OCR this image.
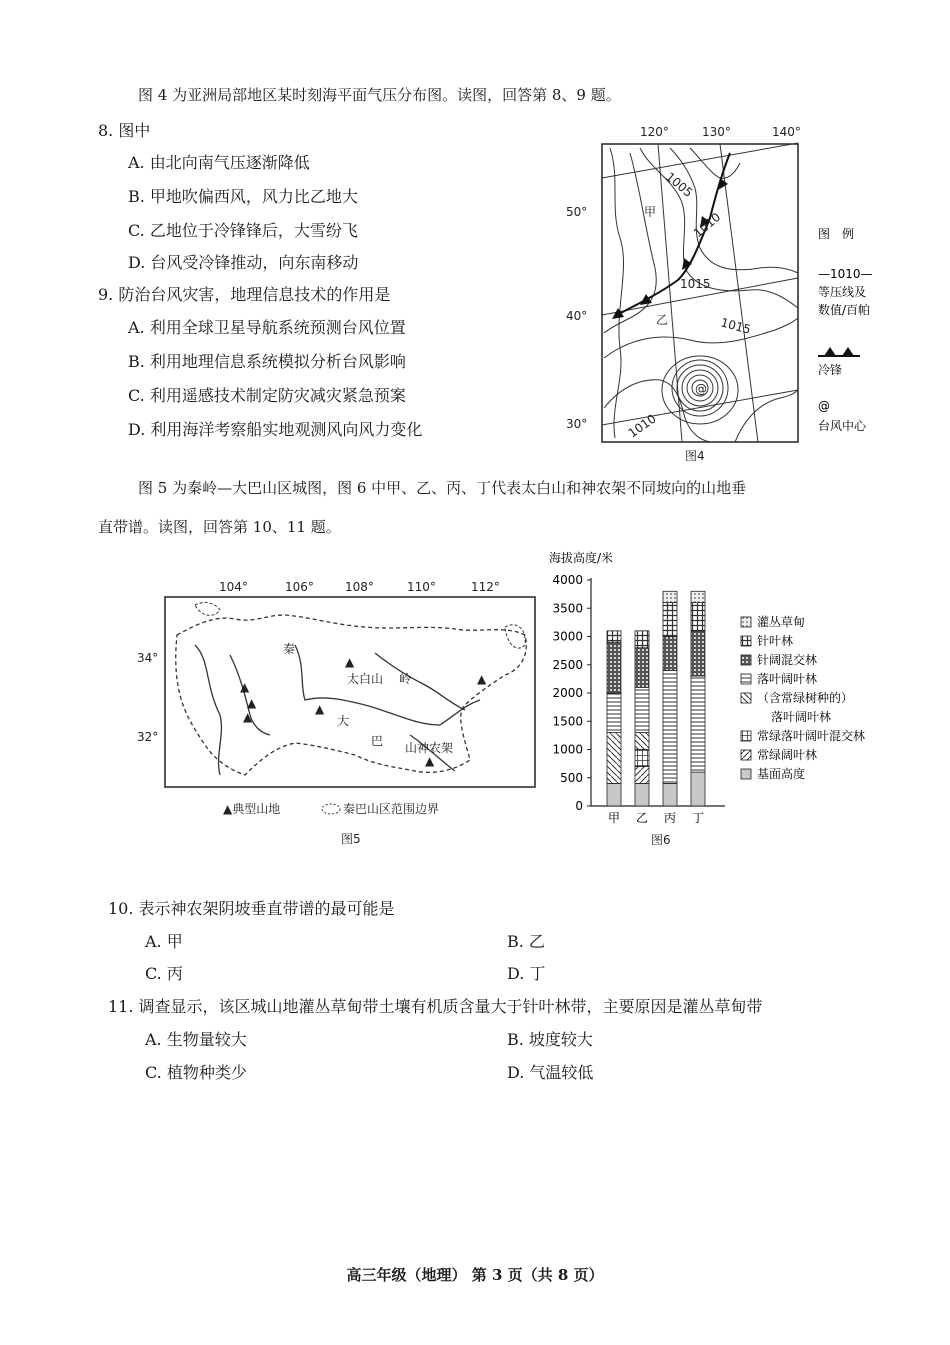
图 4 为亚洲局部地区某时刻海平面气压分布图。读图，回答第 8、9 题。
8. 图中
A. 由北向南气压逐渐降低
B. 甲地吹偏西风，风力比乙地大
C. 乙地位于冷锋锋后，大雪纷飞
D. 台风受冷锋推动，向东南移动
9. 防治台风灾害，地理信息技术的作用是
A. 利用全球卫星导航系统预测台风位置
B. 利用地理信息系统模拟分析台风影响
C. 利用遥感技术制定防灾减灾紧急预案
D. 利用海洋考察船实地观测风向风力变化
@
120°	130°	140°
50°
40°
30°
1005
1010
1015
1015
1010
甲
乙
图4
图　例
—1010—
等压线及
数值/百帕
冷锋
@
台风中心
图 5 为秦岭—大巴山区城图，图 6 中甲、乙、丙、丁代表太白山和神农架不同坡向的山地垂
直带谱。读图，回答第 10、11 题。
104°	106°	108°	110°	112°
34°
32°
▲
▲
▲
▲
▲
▲
▲
秦
太白山 岭
大
巴 山 神农架
▲典型山地	秦巴山区范围边界
图5
海拔高度/米
4000
3500
3000
2500
2000
1500
1000
500
0
甲 乙 丙 丁
灌丛草甸
针叶林
针阔混交林
落叶阔叶林
（含常绿树种的）
落叶阔叶林
常绿落叶阔叶混交林
常绿阔叶林
基面高度
图6
10. 表示神农架阴坡垂直带谱的最可能是
A. 甲	B. 乙
C. 丙	D. 丁
11. 调查显示，该区城山地灌丛草甸带土壤有机质含量大于针叶林带，主要原因是灌丛草甸带
A. 生物量较大	B. 坡度较大
C. 植物种类少	D. 气温较低
高三年级（地理） 第 3 页（共 8 页）
